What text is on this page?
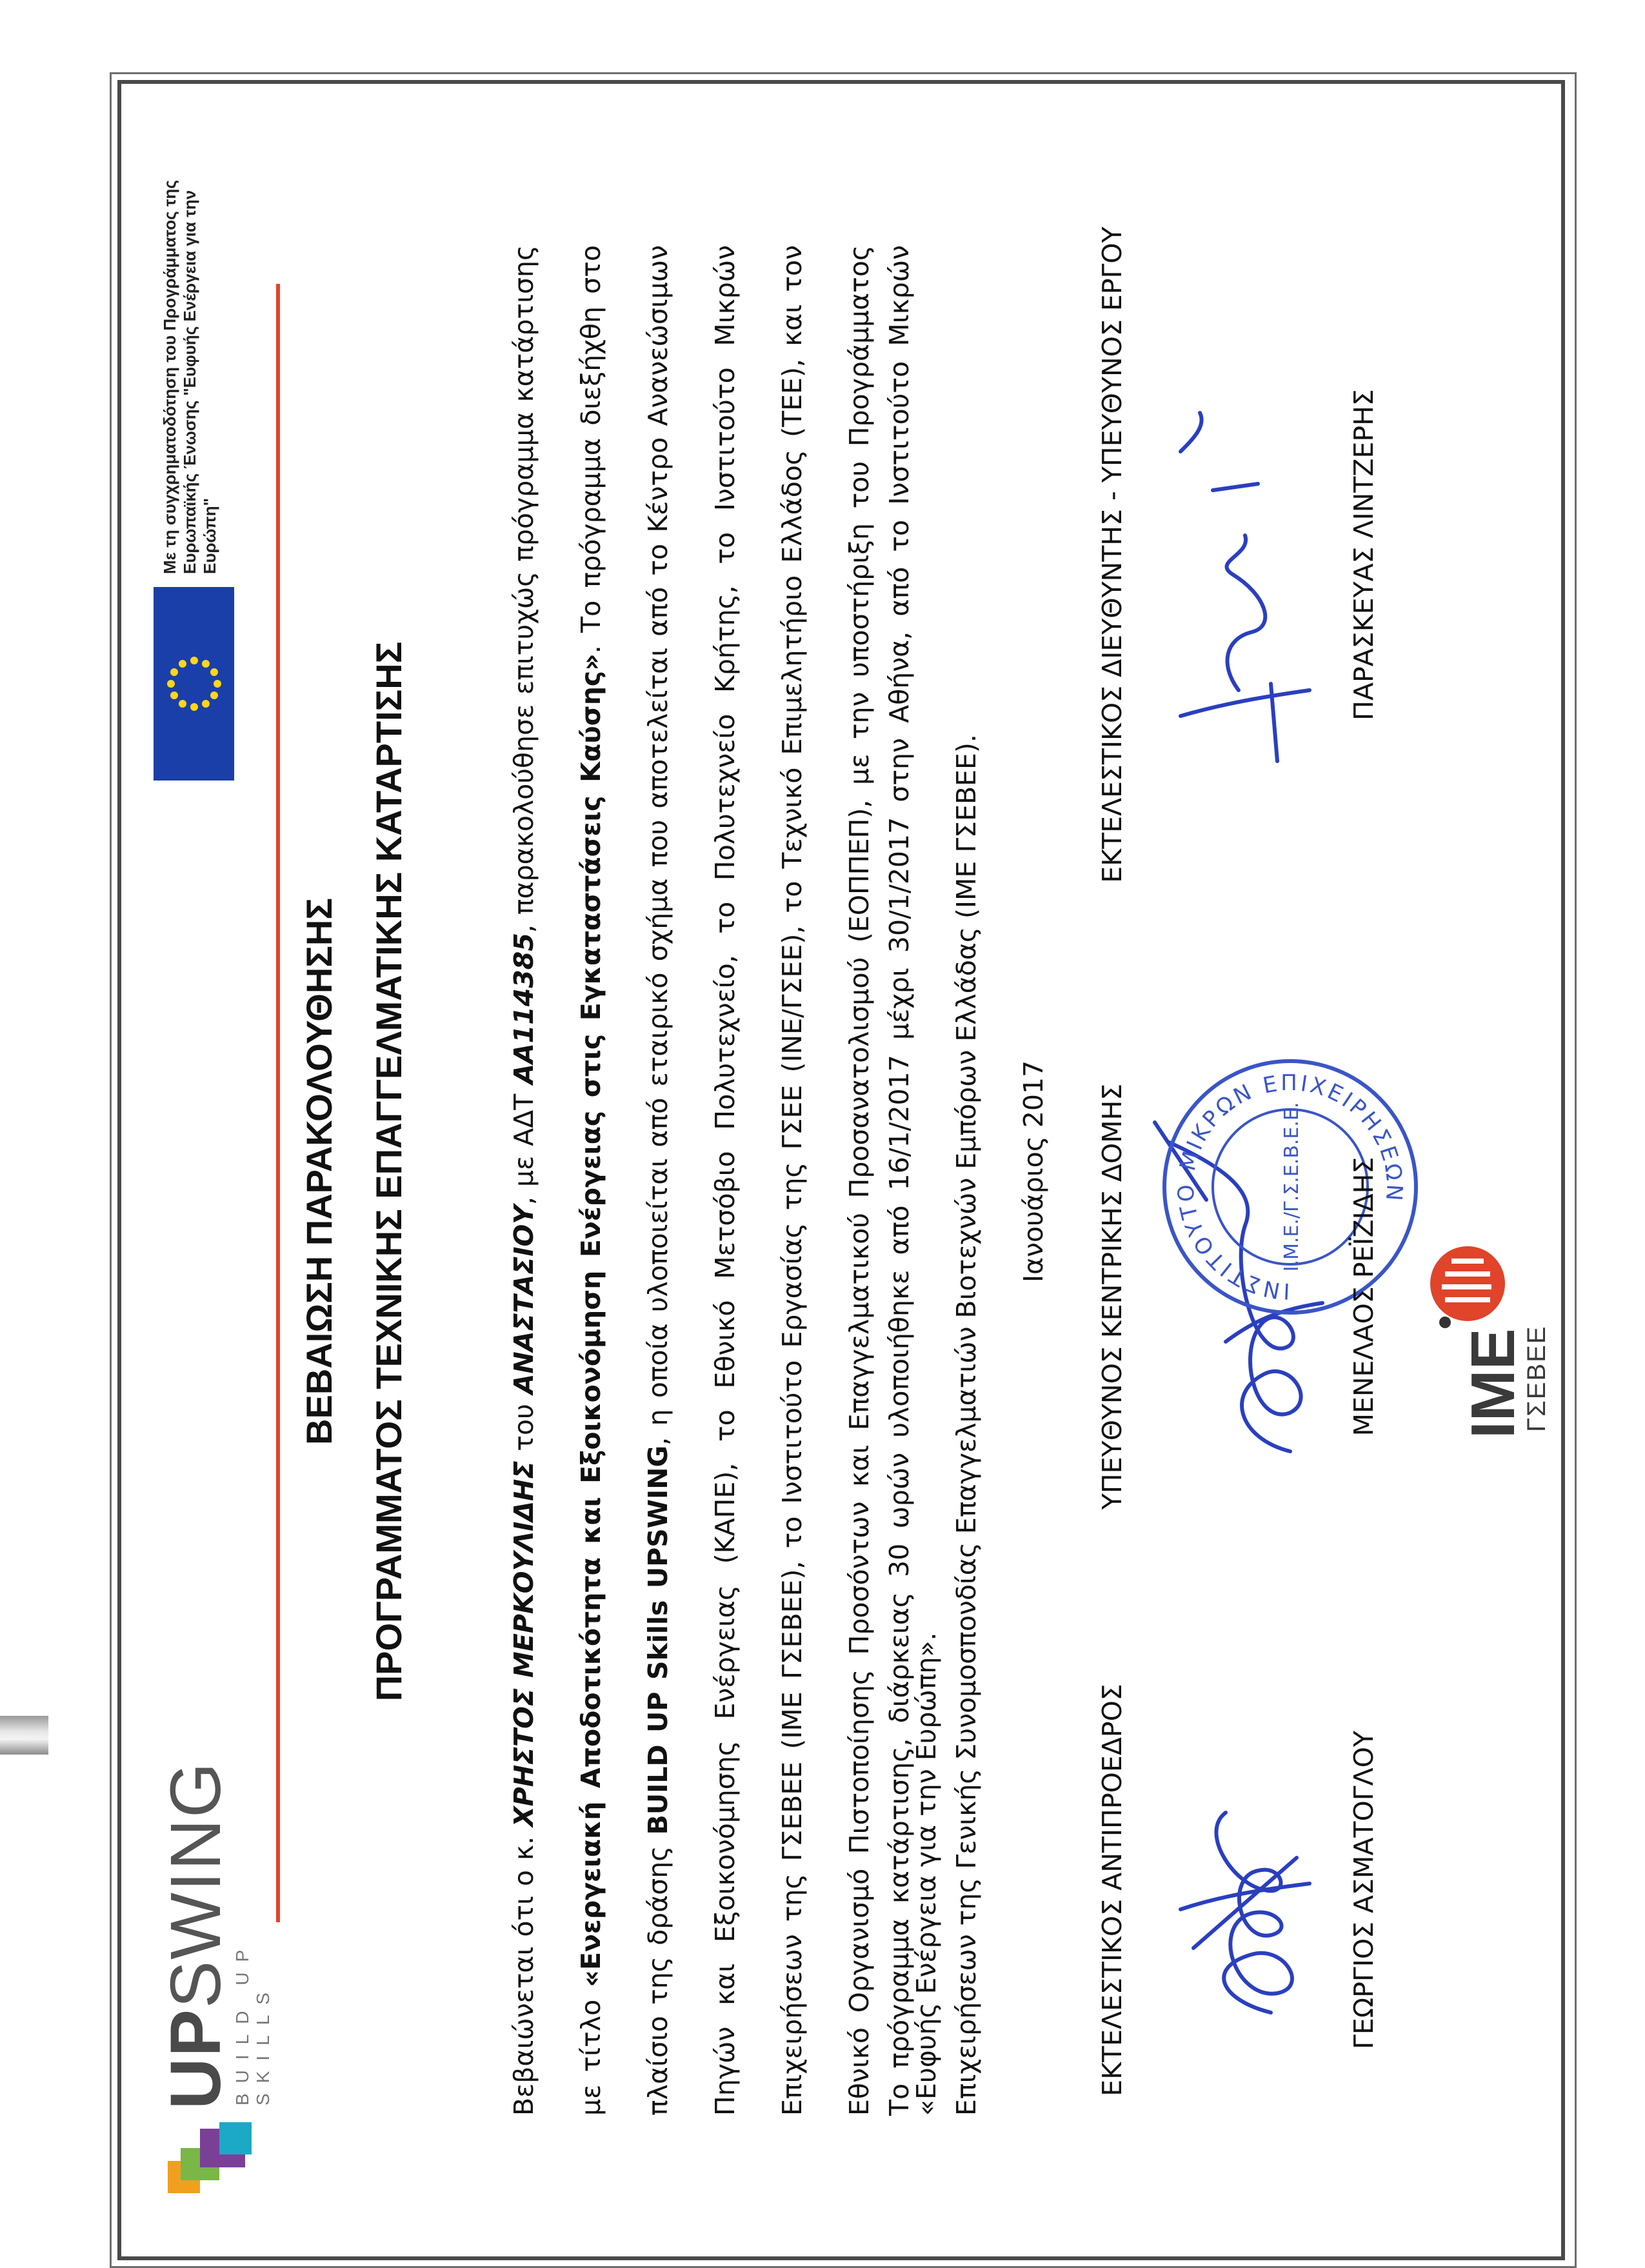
UPSWING
BUILD UP SKILLS
Με τη συγχρηματοδότηση του Προγράμματος της Ευρωπαϊκής Ένωσης "Ευφυής Ενέργεια για την Ευρώπη"
ΒΕΒΑΙΩΣΗ ΠΑΡΑΚΟΛΟΥΘΗΣΗΣ ΠΡΟΓΡΑΜΜΑΤΟΣ ΤΕΧΝΙΚΗΣ ΕΠΑΓΓΕΛΜΑΤΙΚΗΣ ΚΑΤΑΡΤΙΣΗΣ
Βεβαιώνεται ότι ο κ. ΧΡΗΣΤΟΣ ΜΕΡΚΟΥΛΙΔΗΣ του ΑΝΑΣΤΑΣΙΟΥ, με ΑΔΤ ΑΑ114385, παρακολούθησε επιτυχώς πρόγραμμα κατάρτισης με τίτλο «Ενεργειακή Αποδοτικότητα και Εξοικονόμηση Ενέργειας στις Εγκαταστάσεις Καύσης». Το πρόγραμμα διεξήχθη στο πλαίσιο της δράσης BUILD UP Skills UPSWING, η οποία υλοποιείται από εταιρικό σχήμα που αποτελείται από το Κέντρο Ανανεώσιμων Πηγών και Εξοικονόμησης Ενέργειας (ΚΑΠΕ), το Εθνικό Μετσόβιο Πολυτεχνείο, το Πολυτεχνείο Κρήτης, το Ινστιτούτο Μικρών Επιχειρήσεων της ΓΣΕΒΕΕ (ΙΜΕ ΓΣΕΒΕΕ), το Ινστιτούτο Εργασίας της ΓΣΕΕ (ΙΝΕ/ΓΣΕΕ), το Τεχνικό Επιμελητήριο Ελλάδος (ΤΕΕ), και τον Εθνικό Οργανισμό Πιστοποίησης Προσόντων και Επαγγελματικού Προσανατολισμού (ΕΟΠΠΕΠ), με την υποστήριξη του Προγράμματος «Ευφυής Ενέργεια για την Ευρώπη».
Το πρόγραμμα κατάρτισης, διάρκειας 30 ωρών υλοποιήθηκε από 16/1/2017 μέχρι 30/1/2017 στην Αθήνα, από το Ινστιτούτο Μικρών Επιχειρήσεων της Γενικής Συνομοσπονδίας Επαγγελματιών Βιοτεχνών Εμπόρων Ελλάδας (ΙΜΕ ΓΣΕΒΕΕ).	Ιανουάριος 2017
ΕΚΤΕΛΕΣΤΙΚΟΣ ΑΝΤΙΠΡΟΕΔΡΟΣ
ΥΠΕΥΘΥΝΟΣ ΚΕΝΤΡΙΚΗΣ ΔΟΜΗΣ
ΕΚΤΕΛΕΣΤΙΚΟΣ ΔΙΕΥΘΥΝΤΗΣ - ΥΠΕΥΘΥΝΟΣ ΕΡΓΟΥ
ΙΝΣΤΙΤΟΥΤΟ ΜΙΚΡΩΝ ΕΠΙΧΕΙΡΗΣΕΩΝ
Ι.Μ.Ε./Γ.Σ.Ε.Β.Ε.Ε.
ΓΕΩΡΓΙΟΣ ΑΣΜΑΤΟΓΛΟΥ
ΜΕΝΕΛΑΟΣ ΡΕΪΖΙΔΗΣ
ΠΑΡΑΣΚΕΥΑΣ ΛΙΝΤΖΕΡΗΣ
ΙΜΕ
ΓΣΕΒΕΕ
